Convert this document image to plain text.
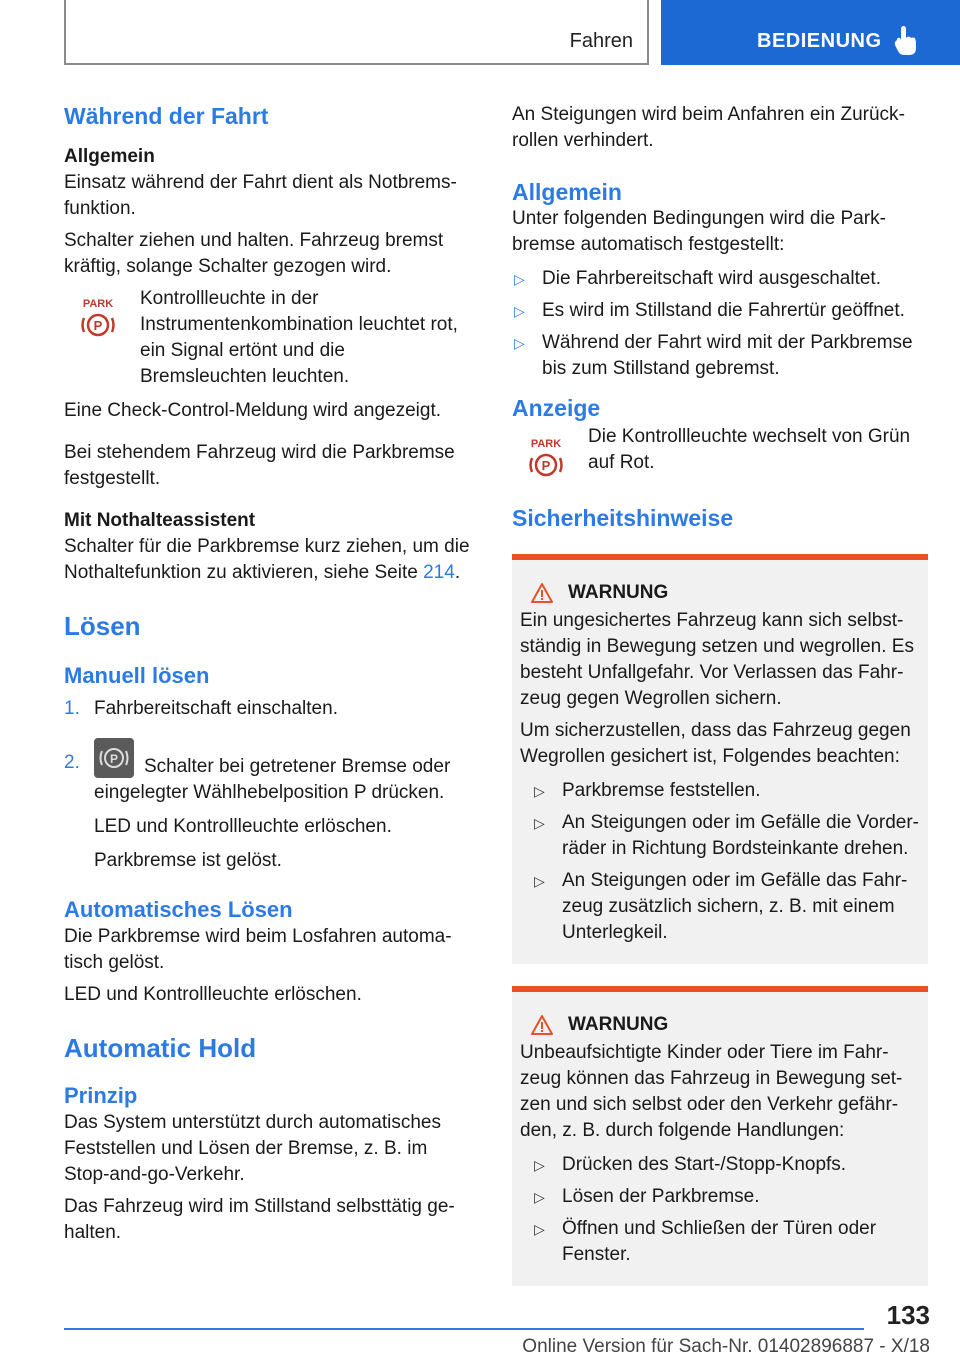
Fahren	BEDIENUNG
Während der Fahrt
Allgemein

Einsatz während der Fahrt dient als Notbremsfunktion.

Schalter ziehen und halten. Fahrzeug bremst kräftig, solange Schalter gezogen wird.

PARK
P

Kontrollleuchte in der Instrumentenkombination leuchtet rot, ein Signal ertönt und die Bremsleuchten leuchten.

Eine Check-Control-Meldung wird angezeigt.

Bei stehendem Fahrzeug wird die Parkbremse festgestellt.

Mit Nothalteassistent

Schalter für die Parkbremse kurz ziehen, um die Nothaltefunktion zu aktivieren, siehe Seite 214.

Lösen
Manuell lösen
1. Fahrbereitschaft einschalten.
2.	P Schalter bei getretener Bremse oder eingelegter Wählhebelposition P drücken.
LED und Kontrollleuchte erlöschen.
Parkbremse ist gelöst.
Automatisches Lösen

Die Parkbremse wird beim Losfahren automatisch gelöst.

LED und Kontrollleuchte erlöschen.

Automatic Hold
Prinzip

Das System unterstützt durch automatisches Feststellen und Lösen der Bremse, z. B. im Stop-and-go-Verkehr.

Das Fahrzeug wird im Stillstand selbsttätig gehalten.

An Steigungen wird beim Anfahren ein Zurückrollen verhindert.

Allgemein

Unter folgenden Bedingungen wird die Parkbremse automatisch festgestellt:

▷ Die Fahrbereitschaft wird ausgeschaltet.
▷ Es wird im Stillstand die Fahrertür geöffnet.
▷ Während der Fahrt wird mit der Parkbremse bis zum Stillstand gebremst.
Anzeige
PARK
P

Die Kontrollleuchte wechselt von Grün auf Rot.

Sicherheitshinweise
WARNUNG

Ein ungesichertes Fahrzeug kann sich selbstständig in Bewegung setzen und wegrollen. Es besteht Unfallgefahr. Vor Verlassen das Fahrzeug gegen Wegrollen sichern.

Um sicherzustellen, dass das Fahrzeug gegen Wegrollen gesichert ist, Folgendes beachten:

▷ Parkbremse feststellen.
▷ An Steigungen oder im Gefälle die Vorderräder in Richtung Bordsteinkante drehen.
▷ An Steigungen oder im Gefälle das Fahrzeug zusätzlich sichern, z. B. mit einem Unterlegkeil.
WARNUNG

Unbeaufsichtigte Kinder oder Tiere im Fahrzeug können das Fahrzeug in Bewegung setzen und sich selbst oder den Verkehr gefährden, z. B. durch folgende Handlungen:

▷ Drücken des Start-/Stopp-Knopfs.
▷ Lösen der Parkbremse.
▷ Öffnen und Schließen der Türen oder Fenster.
133
Online Version für Sach-Nr. 01402896887 - X/18
